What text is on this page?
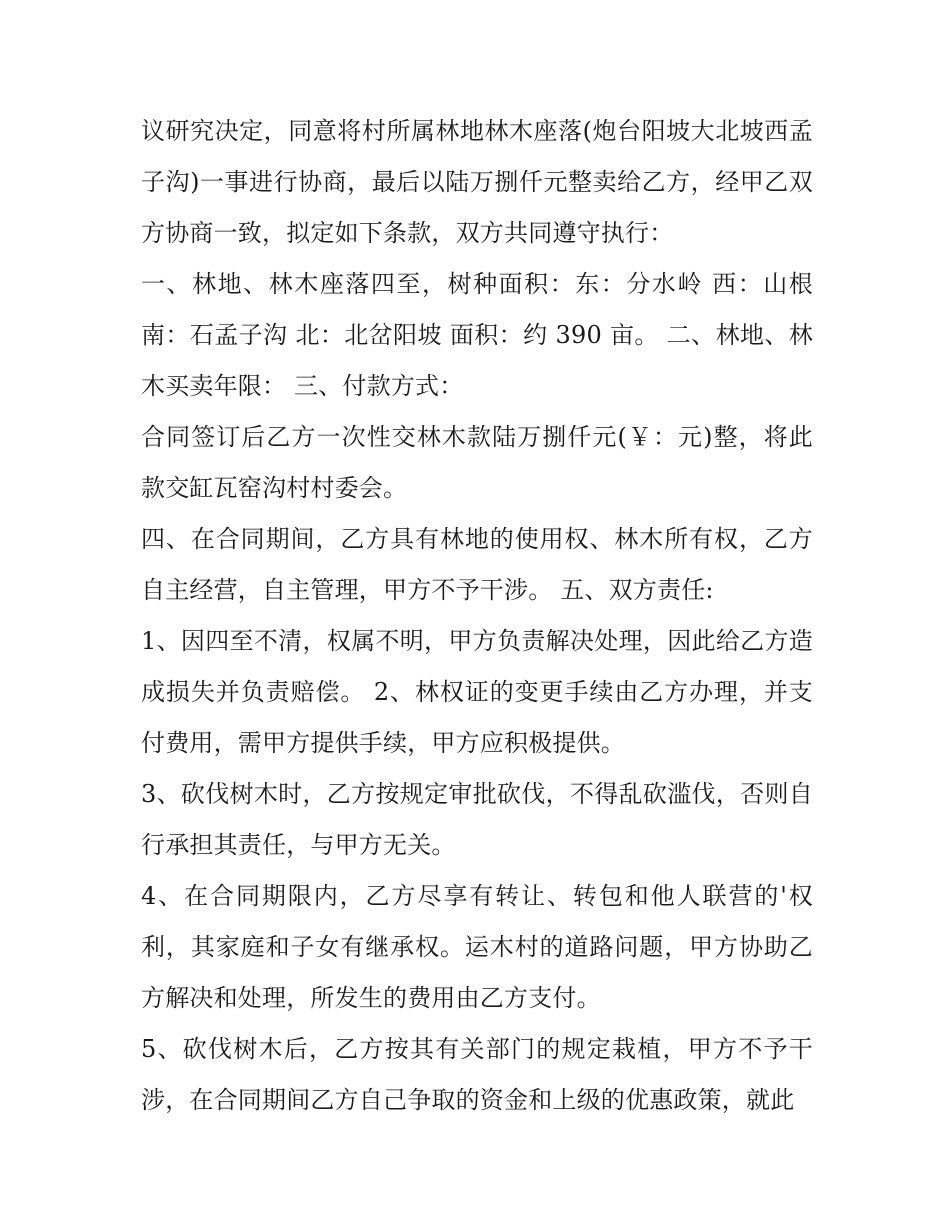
议研究决定，同意将村所属林地林木座落(炮台阳坡大北坡西孟子沟)一事进行协商，最后以陆万捌仟元整卖给乙方，经甲乙双方协商一致，拟定如下条款，双方共同遵守执行：

一、林地、林木座落四至，树种面积：东：分水岭 西：山根南：石孟子沟 北：北岔阳坡 面积：约 390 亩。 二、林地、林木买卖年限： 三、付款方式：

合同签订后乙方一次性交林木款陆万捌仟元(￥：元)整，将此款交缸瓦窑沟村村委会。

四、在合同期间，乙方具有林地的使用权、林木所有权，乙方自主经营，自主管理，甲方不予干涉。 五、双方责任:

1、因四至不清，权属不明，甲方负责解决处理，因此给乙方造成损失并负责赔偿。 2、林权证的变更手续由乙方办理，并支付费用，需甲方提供手续，甲方应积极提供。

3、砍伐树木时，乙方按规定审批砍伐，不得乱砍滥伐，否则自行承担其责任，与甲方无关。

4、在合同期限内，乙方尽享有转让、转包和他人联营的'权利，其家庭和子女有继承权。运木村的道路问题，甲方协助乙方解决和处理，所发生的费用由乙方支付。

5、砍伐树木后，乙方按其有关部门的规定栽植，甲方不予干涉，在合同期间乙方自己争取的资金和上级的优惠政策，就此
